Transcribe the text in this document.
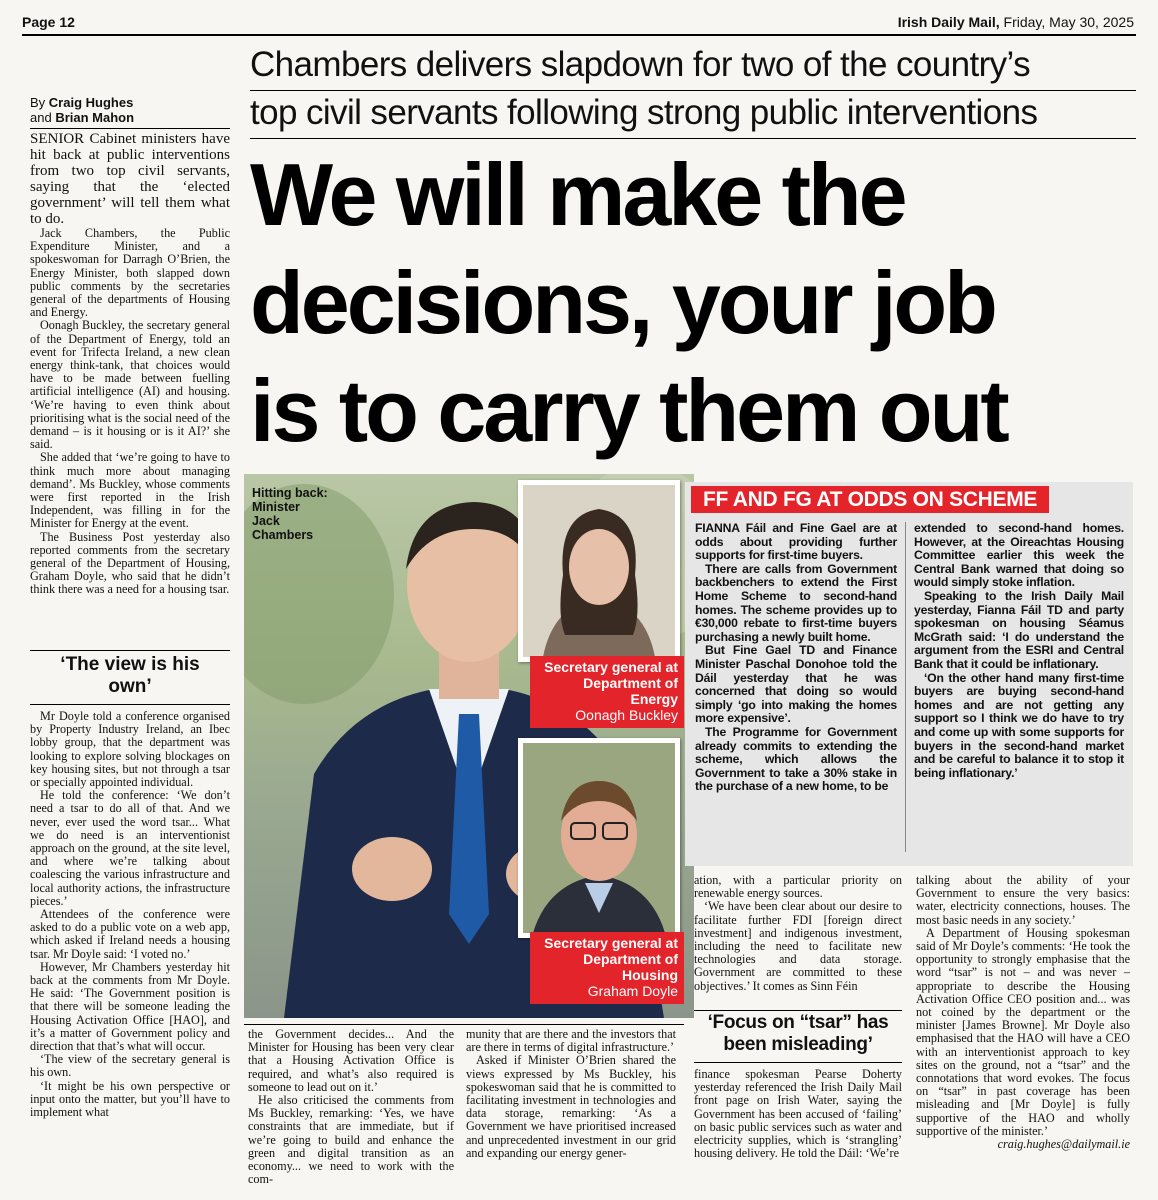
Page 12	Irish Daily Mail, Friday, May 30, 2025
Chambers delivers slapdown for two of the country’s
top civil servants following strong public interventions
We will make the
decisions, your job
is to carry them out
By Craig Hughes
and Brian Mahon

SENIOR Cabinet ministers have hit back at public interventions from two top civil servants, saying that the ‘elected government’ will tell them what to do.

Jack Chambers, the Public Expenditure Minister, and a spokeswoman for Darragh O’Brien, the Energy Minister, both slapped down public comments by the secretaries general of the departments of Housing and Energy.

Oonagh Buckley, the secretary general of the Department of Energy, told an event for Trifecta Ireland, a new clean energy think-tank, that choices would have to be made between fuelling artificial intelligence (AI) and housing. ‘We’re having to even think about prioritising what is the social need of the demand – is it housing or is it AI?’ she said.

She added that ‘we’re going to have to think much more about managing demand’. Ms Buckley, whose comments were first reported in the Irish Independent, was filling in for the Minister for Energy at the event.

The Business Post yesterday also reported comments from the secretary general of the Department of Housing, Graham Doyle, who said that he didn’t think there was a need for a housing tsar.

‘The view is his own’

Mr Doyle told a conference organised by Property Industry Ireland, an Ibec lobby group, that the department was looking to explore solving blockages on key housing sites, but not through a tsar or specially appointed individual.

He told the conference: ‘We don’t need a tsar to do all of that. And we never, ever used the word tsar... What we do need is an interventionist approach on the ground, at the site level, and where we’re talking about coalescing the various infrastructure and local authority actions, the infrastructure pieces.’

Attendees of the conference were asked to do a public vote on a web app, which asked if Ireland needs a housing tsar. Mr Doyle said: ‘I voted no.’

However, Mr Chambers yesterday hit back at the comments from Mr Doyle. He said: ‘The Government position is that there will be someone leading the Housing Activation Office [HAO], and it’s a matter of Government policy and direction that that’s what will occur.

‘The view of the secretary general is his own.

‘It might be his own perspective or input onto the matter, but you’ll have to implement what

Hitting back: Minister Jack Chambers
Secretary general at Department of Energy
Oonagh Buckley
Secretary general at Department of Housing
Graham Doyle
FF AND FG AT ODDS ON SCHEME

FIANNA Fáil and Fine Gael are at odds about providing further supports for first-time buyers.

There are calls from Government backbenchers to extend the First Home Scheme to second-hand homes. The scheme provides up to €30,000 rebate to first-time buyers purchasing a newly built home.

But Fine Gael TD and Finance Minister Paschal Donohoe told the Dáil yesterday that he was concerned that doing so would simply ‘go into making the homes more expensive’.

The Programme for Government already commits to extending the scheme, which allows the Government to take a 30% stake in the purchase of a new home, to be

extended to second-hand homes. However, at the Oireachtas Housing Committee earlier this week the Central Bank warned that doing so would simply stoke inflation.

Speaking to the Irish Daily Mail yesterday, Fianna Fáil TD and party spokesman on housing Séamus McGrath said: ‘I do understand the argument from the ESRI and Central Bank that it could be inflationary.

‘On the other hand many first-time buyers are buying second-hand homes and are not getting any support so I think we do have to try and come up with some supports for buyers in the second-hand market and be careful to balance it to stop it being inflationary.’

the Government decides... And the Minister for Housing has been very clear that a Housing Activation Office is required, and what’s also required is someone to lead out on it.’

He also criticised the comments from Ms Buckley, remarking: ‘Yes, we have constraints that are immediate, but if we’re going to build and enhance the green and digital transition as an economy... we need to work with the com-

munity that are there and the investors that are there in terms of digital infrastructure.’

Asked if Minister O’Brien shared the views expressed by Ms Buckley, his spokeswoman said that he is committed to facilitating investment in technologies and data storage, remarking: ‘As a Government we have prioritised increased and unprecedented investment in our grid and expanding our energy gener-

ation, with a particular priority on renewable energy sources.

‘We have been clear about our desire to facilitate further FDI [foreign direct investment] and indigenous investment, including the need to facilitate new technologies and data storage. Government are committed to these objectives.’ It comes as Sinn Féin

‘Focus on “tsar” has been misleading’

finance spokesman Pearse Doherty yesterday referenced the Irish Daily Mail front page on Irish Water, saying the Government has been accused of ‘failing’ on basic public services such as water and electricity supplies, which is ‘strangling’ housing delivery. He told the Dáil: ‘We’re

talking about the ability of your Government to ensure the very basics: water, electricity connections, houses. The most basic needs in any society.’

A Department of Housing spokesman said of Mr Doyle’s comments: ‘He took the opportunity to strongly emphasise that the word “tsar” is not – and was never – appropriate to describe the Housing Activation Office CEO position and... was not coined by the department or the minister [James Browne]. Mr Doyle also emphasised that the HAO will have a CEO with an interventionist approach to key sites on the ground, not a “tsar” and the connotations that word evokes. The focus on “tsar” in past coverage has been misleading and [Mr Doyle] is fully supportive of the HAO and wholly supportive of the minister.’

craig.hughes@dailymail.ie
